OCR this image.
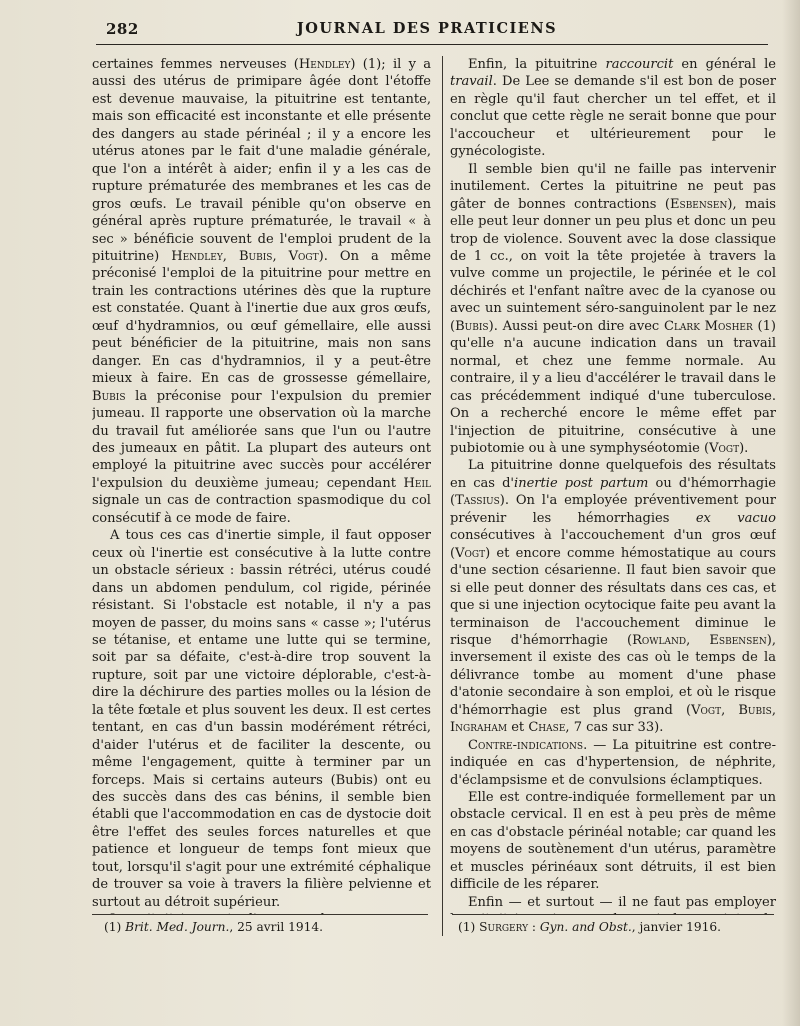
282	JOURNAL DES PRATICIENS

certaines femmes nerveuses (Hendley) (1); il y a aussi des utérus de primipare âgée dont l'étoffe est devenue mauvaise, la pituitrine est tentante, mais son efficacité est inconstante et elle présente des dangers au stade périnéal ; il y a encore les utérus atones par le fait d'une maladie générale, que l'on a intérêt à aider; enfin il y a les cas de rupture prématurée des membranes et les cas de gros œufs. Le travail pénible qu'on observe en général après rupture prématurée, le travail « à sec » bénéficie souvent de l'emploi prudent de la pituitrine) Hendley, Bubis, Vogt). On a même préconisé l'emploi de la pituitrine pour mettre en train les contractions utérines dès que la rupture est constatée. Quant à l'inertie due aux gros œufs, œuf d'hydramnios, ou œuf gémellaire, elle aussi peut bénéficier de la pituitrine, mais non sans danger. En cas d'hydramnios, il y a peut-être mieux à faire. En cas de grossesse gémellaire, Bubis la préconise pour l'expulsion du premier jumeau. Il rapporte une observation où la marche du travail fut améliorée sans que l'un ou l'autre des jumeaux en pâtit. La plupart des auteurs ont employé la pituitrine avec succès pour accélérer l'expulsion du deuxième jumeau; cependant Heil signale un cas de contraction spasmodique du col consécutif à ce mode de faire.

A tous ces cas d'inertie simple, il faut opposer ceux où l'inertie est consécutive à la lutte contre un obstacle sérieux : bassin rétréci, utérus coudé dans un abdomen pendulum, col rigide, périnée résistant. Si l'obstacle est notable, il n'y a pas moyen de passer, du moins sans « casse »; l'utérus se tétanise, et entame une lutte qui se termine, soit par sa défaite, c'est-à-dire trop souvent la rupture, soit par une victoire déplorable, c'est-à-dire la déchirure des parties molles ou la lésion de la tête fœtale et plus souvent les deux. Il est certes tentant, en cas d'un bassin modérément rétréci, d'aider l'utérus et de faciliter la descente, ou même l'engagement, quitte à terminer par un forceps. Mais si certains auteurs (Bubis) ont eu des succès dans des cas bénins, il semble bien établi que l'accommodation en cas de dystocie doit être l'effet des seules forces naturelles et que patience et longueur de temps font mieux que tout, lorsqu'il s'agit pour une extrémité céphalique de trouver sa voie à travers la filière pelvienne et surtout au détroit supérieur.

Enfin, la pituitrine raccourcit en général le travail. De Lee se demande s'il est bon de poser en règle qu'il faut chercher un tel effet, et il conclut que cette règle ne serait bonne que pour l'accoucheur et ultérieurement pour le gynécologiste.

Il semble bien qu'il ne faille pas intervenir inutilement. Certes la pituitrine ne peut pas gâter de bonnes contractions (Esbensen), mais elle peut leur donner un peu plus et donc un peu trop de violence. Souvent avec la dose classique de 1 cc., on voit la tête projetée à travers la vulve comme un projectile, le périnée et le col déchirés et l'enfant naître avec de la cyanose ou avec un suintement séro-sanguinolent par le nez (Bubis). Aussi peut-on dire avec Clark Mosher (1) qu'elle n'a aucune indication dans un travail normal, et chez une femme normale. Au contraire, il y a lieu d'accélérer le travail dans le cas précédemment indiqué d'une tuberculose. On a recherché encore le même effet par l'injection de pituitrine, consécutive à une pubiotomie ou à une symphyséotomie (Vogt).

La pituitrine donne quelquefois des résultats en cas d'inertie post partum ou d'hémorrhagie (Tassius). On l'a employée préventivement pour prévenir les hémorrhagies ex vacuo consécutives à l'accouchement d'un gros œuf (Vogt) et encore comme hémostatique au cours d'une section césarienne. Il faut bien savoir que si elle peut donner des résultats dans ces cas, et que si une injection ocytocique faite peu avant la terminaison de l'accouchement diminue le risque d'hémorrhagie (Rowland, Esbensen), inversement il existe des cas où le temps de la délivrance tombe au moment d'une phase d'atonie secondaire à son emploi, et où le risque d'hémorrhagie est plus grand (Vogt, Bubis, Ingraham et Chase, 7 cas sur 33).

Contre-indications. — La pituitrine est contre-indiquée en cas d'hypertension, de néphrite, d'éclampsisme et de convulsions éclamptiques.

Elle est contre-indiquée formellement par un obstacle cervical. Il en est à peu près de même en cas d'obstacle périnéal notable; car quand les moyens de soutènement d'un utérus, paramètre et muscles périnéaux sont détruits, il est bien difficile de les réparer.

Enfin — et surtout — il ne faut pas employer

(1) Brit. Med. Journ., 25 avril 1914.	(1) Surgery : Gyn. and Obst., janvier 1916.
